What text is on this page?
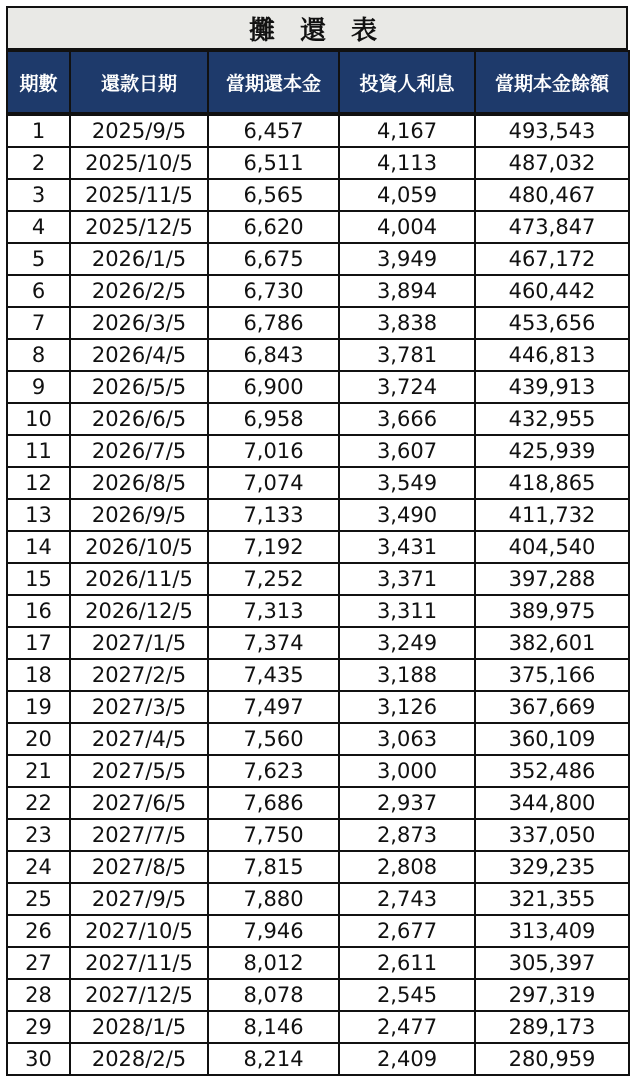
攤 還 表
期數	還款日期	當期還本金	投資人利息	當期本金餘額
1	2025/9/5	6,457	4,167	493,543
2	2025/10/5	6,511	4,113	487,032
3	2025/11/5	6,565	4,059	480,467
4	2025/12/5	6,620	4,004	473,847
5	2026/1/5	6,675	3,949	467,172
6	2026/2/5	6,730	3,894	460,442
7	2026/3/5	6,786	3,838	453,656
8	2026/4/5	6,843	3,781	446,813
9	2026/5/5	6,900	3,724	439,913
10	2026/6/5	6,958	3,666	432,955
11	2026/7/5	7,016	3,607	425,939
12	2026/8/5	7,074	3,549	418,865
13	2026/9/5	7,133	3,490	411,732
14	2026/10/5	7,192	3,431	404,540
15	2026/11/5	7,252	3,371	397,288
16	2026/12/5	7,313	3,311	389,975
17	2027/1/5	7,374	3,249	382,601
18	2027/2/5	7,435	3,188	375,166
19	2027/3/5	7,497	3,126	367,669
20	2027/4/5	7,560	3,063	360,109
21	2027/5/5	7,623	3,000	352,486
22	2027/6/5	7,686	2,937	344,800
23	2027/7/5	7,750	2,873	337,050
24	2027/8/5	7,815	2,808	329,235
25	2027/9/5	7,880	2,743	321,355
26	2027/10/5	7,946	2,677	313,409
27	2027/11/5	8,012	2,611	305,397
28	2027/12/5	8,078	2,545	297,319
29	2028/1/5	8,146	2,477	289,173
30	2028/2/5	8,214	2,409	280,959
